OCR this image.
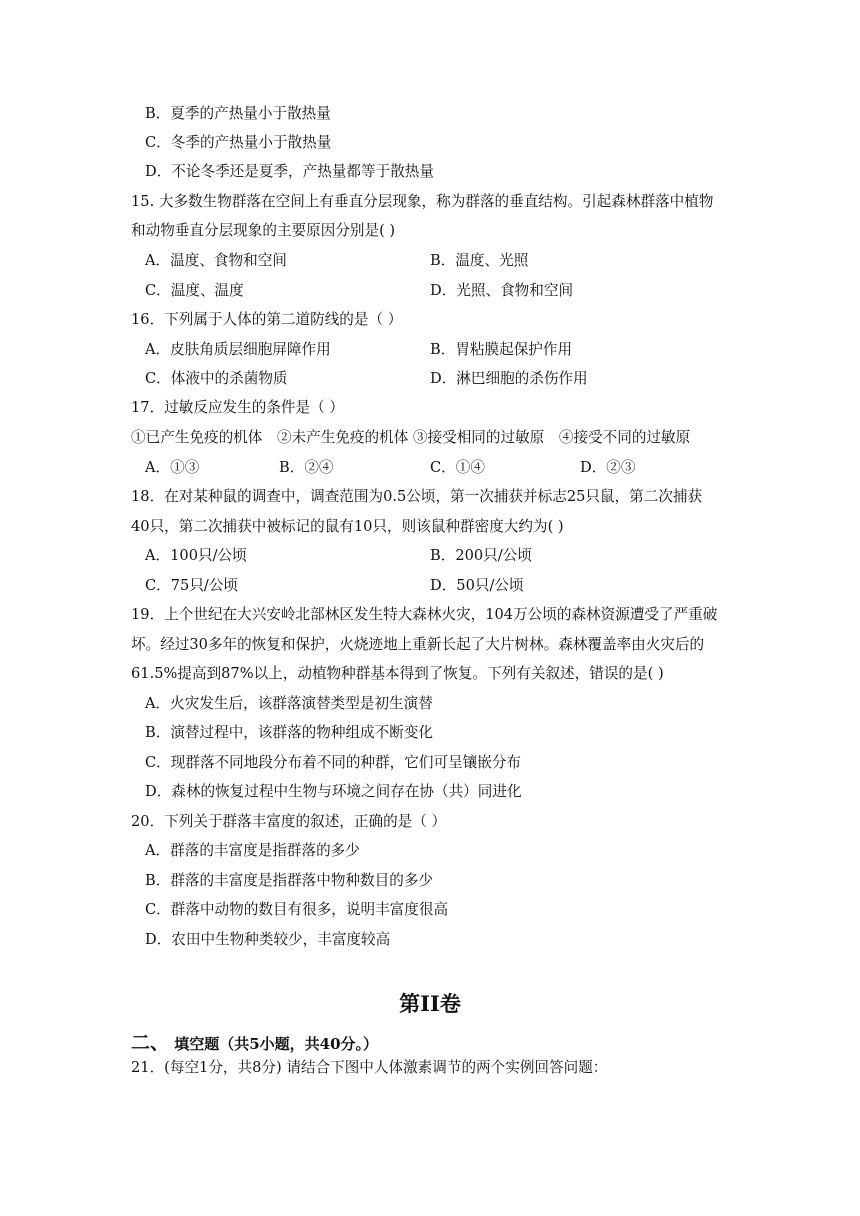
B．夏季的产热量小于散热量
C．冬季的产热量小于散热量
D．不论冬季还是夏季，产热量都等于散热量
15. 大多数生物群落在空间上有垂直分层现象，称为群落的垂直结构。引起森林群落中植物
和动物垂直分层现象的主要原因分别是( )
A．温度、食物和空间	B．温度、光照
C．温度、温度	D．光照、食物和空间
16．下列属于人体的第二道防线的是（ ）
A．皮肤角质层细胞屏障作用	B．胃粘膜起保护作用
C．体液中的杀菌物质	D．淋巴细胞的杀伤作用
17．过敏反应发生的条件是（ ）
①已产生免疫的机体　②未产生免疫的机体 ③接受相同的过敏原　④接受不同的过敏原
A．①③	B．②④	C．①④	D．②③
18．在对某种鼠的调查中，调查范围为0.5公顷，第一次捕获并标志25只鼠，第二次捕获
40只，第二次捕获中被标记的鼠有10只，则该鼠种群密度大约为( )
A．100只/公顷	B．200只/公顷
C．75只/公顷	D．50只/公顷
19．上个世纪在大兴安岭北部林区发生特大森林火灾，104万公顷的森林资源遭受了严重破
坏。经过30多年的恢复和保护，火烧迹地上重新长起了大片树林。森林覆盖率由火灾后的
61.5%提高到87%以上，动植物种群基本得到了恢复。下列有关叙述，错误的是( )
A．火灾发生后，该群落演替类型是初生演替
B．演替过程中，该群落的物种组成不断变化
C．现群落不同地段分布着不同的种群，它们可呈镶嵌分布
D．森林的恢复过程中生物与环境之间存在协（共）同进化
20．下列关于群落丰富度的叙述，正确的是（ ）
A．群落的丰富度是指群落的多少
B．群落的丰富度是指群落中物种数目的多少
C．群落中动物的数目有很多，说明丰富度很高
D．农田中生物种类较少，丰富度较高
第II卷
二、 填空题（共5小题，共40分。）
21．(每空1分，共8分) 请结合下图中人体激素调节的两个实例回答问题：
